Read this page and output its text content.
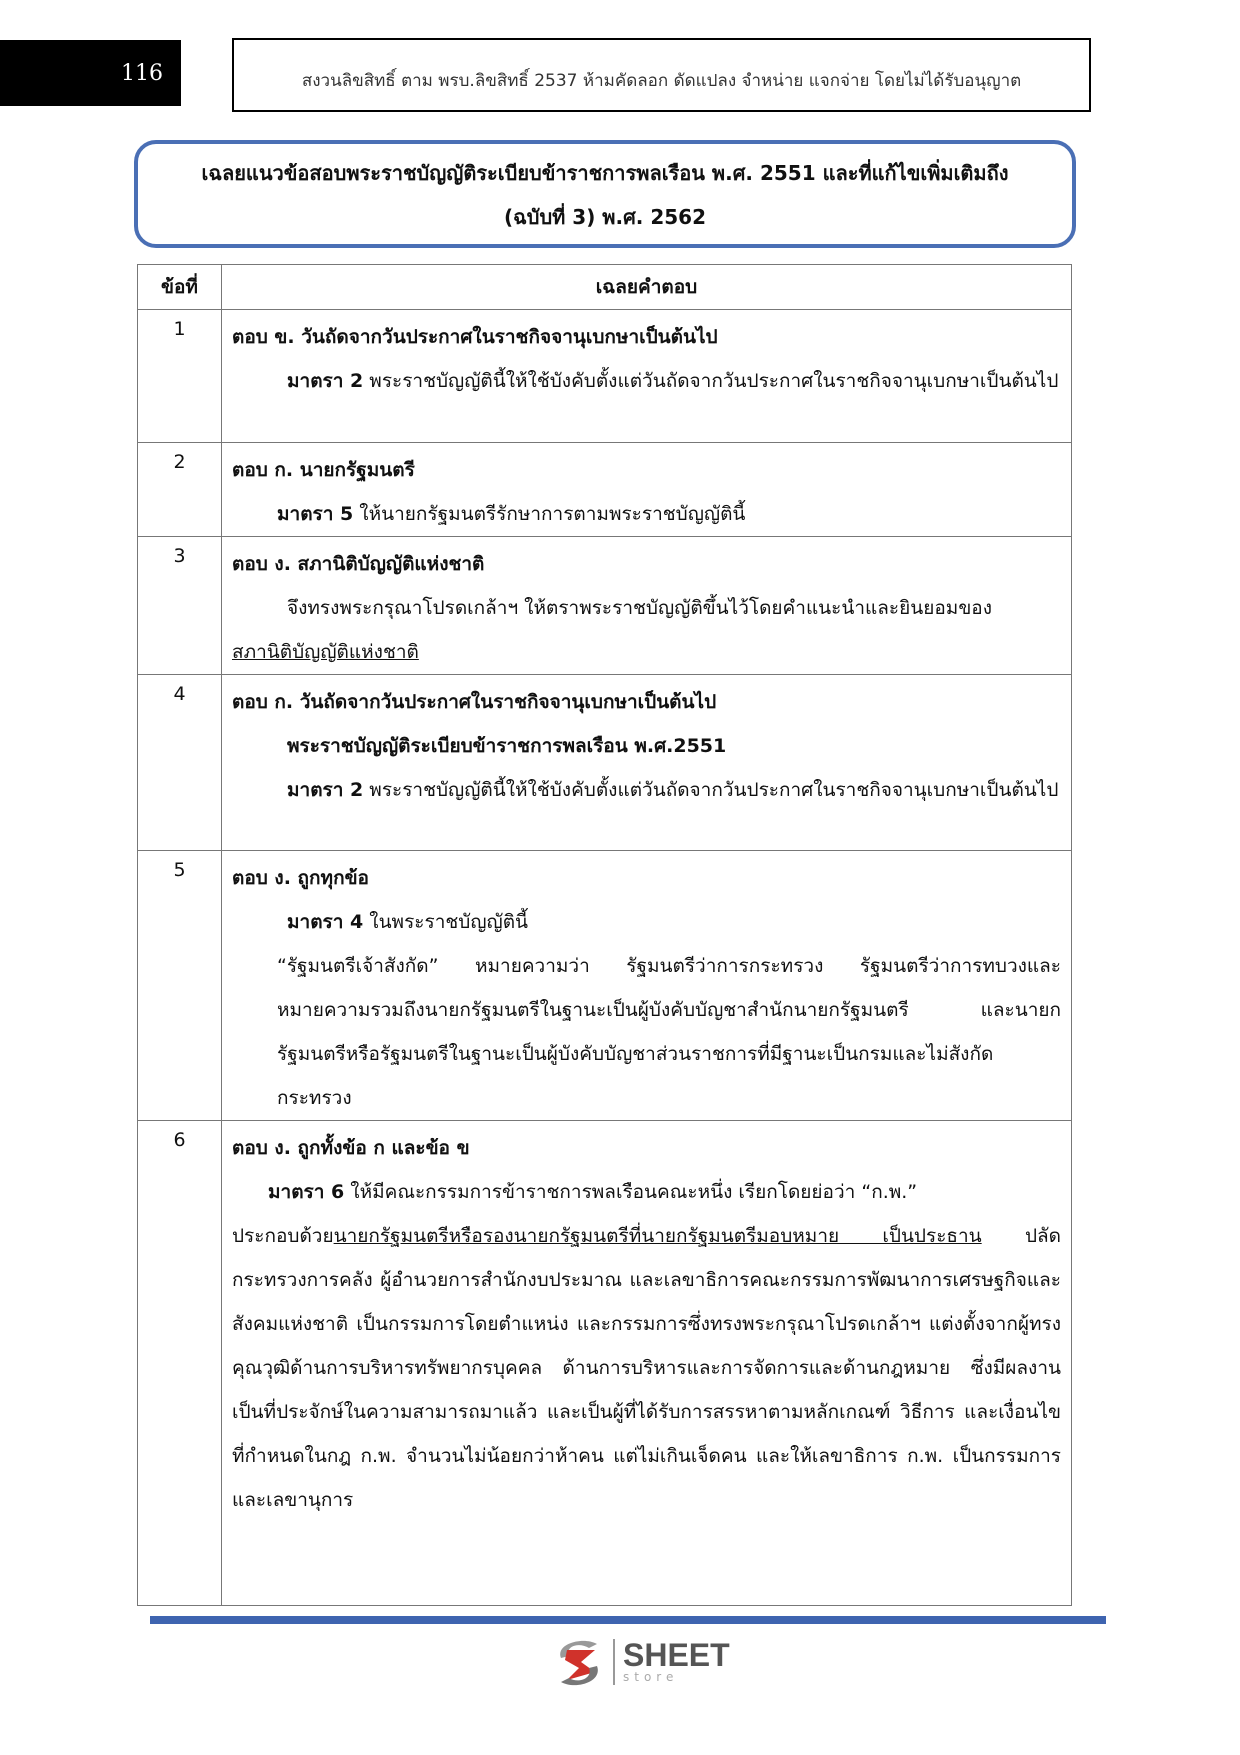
116	สงวนลิขสิทธิ์ ตาม พรบ.ลิขสิทธิ์ 2537 ห้ามคัดลอก ดัดแปลง จำหน่าย แจกจ่าย โดยไม่ได้รับอนุญาต
เฉลยแนวข้อสอบพระราชบัญญัติระเบียบข้าราชการพลเรือน พ.ศ. 2551 และที่แก้ไขเพิ่มเติมถึง
(ฉบับที่ 3) พ.ศ. 2562
ข้อที่	เฉลยคำตอบ
1	ตอบ ข. วันถัดจากวันประกาศในราชกิจจานุเบกษาเป็นต้นไป
มาตรา 2 พระราชบัญญัตินี้ให้ใช้บังคับตั้งแต่วันถัดจากวันประกาศในราชกิจจานุเบกษาเป็นต้นไป

2	ตอบ ก. นายกรัฐมนตรี
มาตรา 5 ให้นายกรัฐมนตรีรักษาการตามพระราชบัญญัตินี้

3	ตอบ ง. สภานิติบัญญัติแห่งชาติ
จึงทรงพระกรุณาโปรดเกล้าฯ ให้ตราพระราชบัญญัติขึ้นไว้โดยคำแนะนำและยินยอมของ
สภานิติบัญญัติแห่งชาติ

4	ตอบ ก. วันถัดจากวันประกาศในราชกิจจานุเบกษาเป็นต้นไป
พระราชบัญญัติระเบียบข้าราชการพลเรือน พ.ศ.2551
มาตรา 2 พระราชบัญญัตินี้ให้ใช้บังคับตั้งแต่วันถัดจากวันประกาศในราชกิจจานุเบกษาเป็นต้นไป

5	ตอบ ง. ถูกทุกข้อ
มาตรา 4 ในพระราชบัญญัตินี้
“รัฐมนตรีเจ้าสังกัด” หมายความว่า รัฐมนตรีว่าการกระทรวง รัฐมนตรีว่าการทบวงและหมายความรวมถึงนายกรัฐมนตรีในฐานะเป็นผู้บังคับบัญชาสำนักนายกรัฐมนตรี และนายกรัฐมนตรีหรือรัฐมนตรีในฐานะเป็นผู้บังคับบัญชาส่วนราชการที่มีฐานะเป็นกรมและไม่สังกัดกระทรวง

6	ตอบ ง. ถูกทั้งข้อ ก และข้อ ข
มาตรา 6 ให้มีคณะกรรมการข้าราชการพลเรือนคณะหนึ่ง เรียกโดยย่อว่า “ก.พ.”
ประกอบด้วยนายกรัฐมนตรีหรือรองนายกรัฐมนตรีที่นายกรัฐมนตรีมอบหมาย เป็นประธาน ปลัดกระทรวงการคลัง ผู้อำนวยการสำนักงบประมาณ และเลขาธิการคณะกรรมการพัฒนาการเศรษฐกิจและสังคมแห่งชาติ เป็นกรรมการโดยตำแหน่ง และกรรมการซึ่งทรงพระกรุณาโปรดเกล้าฯ แต่งตั้งจากผู้ทรงคุณวุฒิด้านการบริหารทรัพยากรบุคคล ด้านการบริหารและการจัดการและด้านกฎหมาย ซึ่งมีผลงานเป็นที่ประจักษ์ในความสามารถมาแล้ว และเป็นผู้ที่ได้รับการสรรหาตามหลักเกณฑ์ วิธีการ และเงื่อนไขที่กำหนดในกฎ ก.พ. จำนวนไม่น้อยกว่าห้าคน แต่ไม่เกินเจ็ดคน และให้เลขาธิการ ก.พ. เป็นกรรมการและเลขานุการ
SHEET
store
